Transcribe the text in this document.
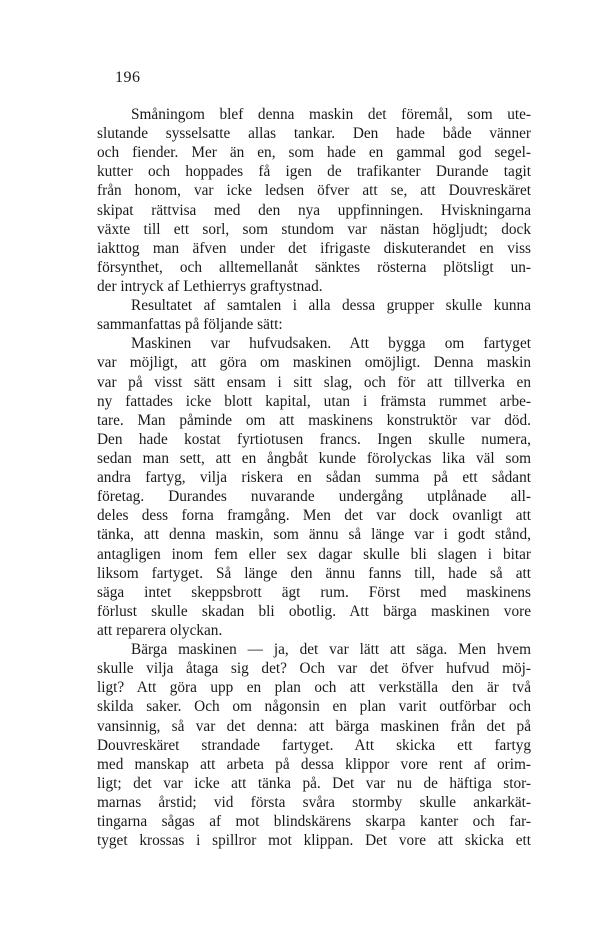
196
Småningom blef denna maskin det föremål, som ute-
slutande sysselsatte allas tankar. Den hade både vänner
och fiender. Mer än en, som hade en gammal god segel-
kutter och hoppades få igen de trafikanter Durande tagit
från honom, var icke ledsen öfver att se, att Douvreskäret
skipat rättvisa med den nya uppfinningen. Hviskningarna
växte till ett sorl, som stundom var nästan högljudt; dock
iakttog man äfven under det ifrigaste diskuterandet en viss
försynthet, och alltemellanåt sänktes rösterna plötsligt un-
der intryck af Lethierrys graftystnad.
Resultatet af samtalen i alla dessa grupper skulle kunna
sammanfattas på följande sätt:
Maskinen var hufvudsaken. Att bygga om fartyget
var möjligt, att göra om maskinen omöjligt. Denna maskin
var på visst sätt ensam i sitt slag, och för att tillverka en
ny fattades icke blott kapital, utan i främsta rummet arbe-
tare. Man påminde om att maskinens konstruktör var död.
Den hade kostat fyrtiotusen francs. Ingen skulle numera,
sedan man sett, att en ångbåt kunde förolyckas lika väl som
andra fartyg, vilja riskera en sådan summa på ett sådant
företag. Durandes nuvarande undergång utplånade all-
deles dess forna framgång. Men det var dock ovanligt att
tänka, att denna maskin, som ännu så länge var i godt stånd,
antagligen inom fem eller sex dagar skulle bli slagen i bitar
liksom fartyget. Så länge den ännu fanns till, hade så att
säga intet skeppsbrott ägt rum. Först med maskinens
förlust skulle skadan bli obotlig. Att bärga maskinen vore
att reparera olyckan.
Bärga maskinen — ja, det var lätt att säga. Men hvem
skulle vilja åtaga sig det? Och var det öfver hufvud möj-
ligt? Att göra upp en plan och att verkställa den är två
skilda saker. Och om någonsin en plan varit outförbar och
vansinnig, så var det denna: att bärga maskinen från det på
Douvreskäret strandade fartyget. Att skicka ett fartyg
med manskap att arbeta på dessa klippor vore rent af orim-
ligt; det var icke att tänka på. Det var nu de häftiga stor-
marnas årstid; vid första svåra stormby skulle ankarkät-
tingarna sågas af mot blindskärens skarpa kanter och far-
tyget krossas i spillror mot klippan. Det vore att skicka ett
